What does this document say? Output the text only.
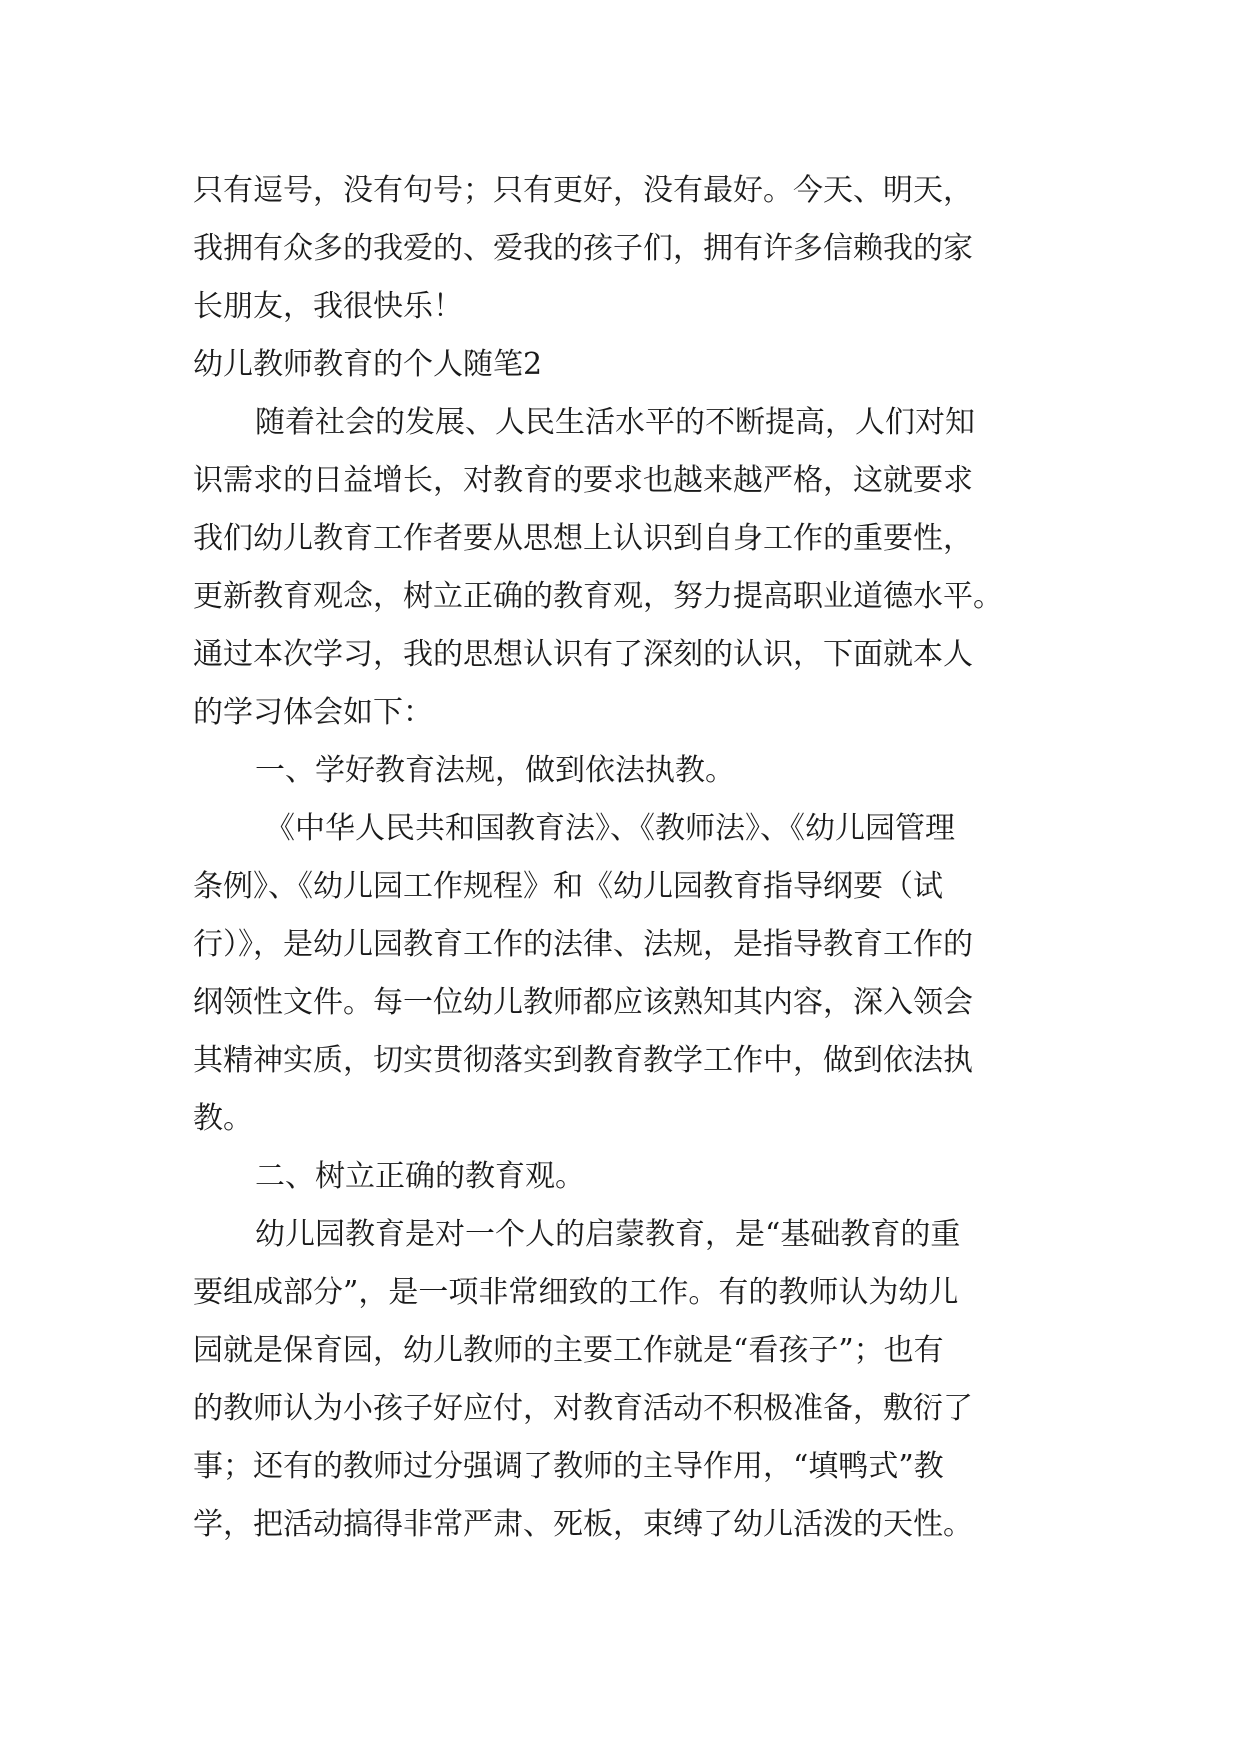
只有逗号，没有句号；只有更好，没有最好。今天、明天，
我拥有众多的我爱的、爱我的孩子们，拥有许多信赖我的家
长朋友，我很快乐！
幼儿教师教育的个人随笔2
随着社会的发展、人民生活水平的不断提高，人们对知
识需求的日益增长，对教育的要求也越来越严格，这就要求
我们幼儿教育工作者要从思想上认识到自身工作的重要性，
更新教育观念，树立正确的教育观，努力提高职业道德水平。
通过本次学习，我的思想认识有了深刻的认识，下面就本人
的学习体会如下：
一、学好教育法规，做到依法执教。
《中华人民共和国教育法》、《教师法》、《幼儿园管理
条例》、《幼儿园工作规程》和《幼儿园教育指导纲要（试
行）》，是幼儿园教育工作的法律、法规，是指导教育工作的
纲领性文件。每一位幼儿教师都应该熟知其内容，深入领会
其精神实质，切实贯彻落实到教育教学工作中，做到依法执
教。
二、树立正确的教育观。
幼儿园教育是对一个人的启蒙教育，是“基础教育的重
要组成部分”，是一项非常细致的工作。有的教师认为幼儿
园就是保育园，幼儿教师的主要工作就是“看孩子”；也有
的教师认为小孩子好应付，对教育活动不积极准备，敷衍了
事；还有的教师过分强调了教师的主导作用，“填鸭式”教
学，把活动搞得非常严肃、死板，束缚了幼儿活泼的天性。
